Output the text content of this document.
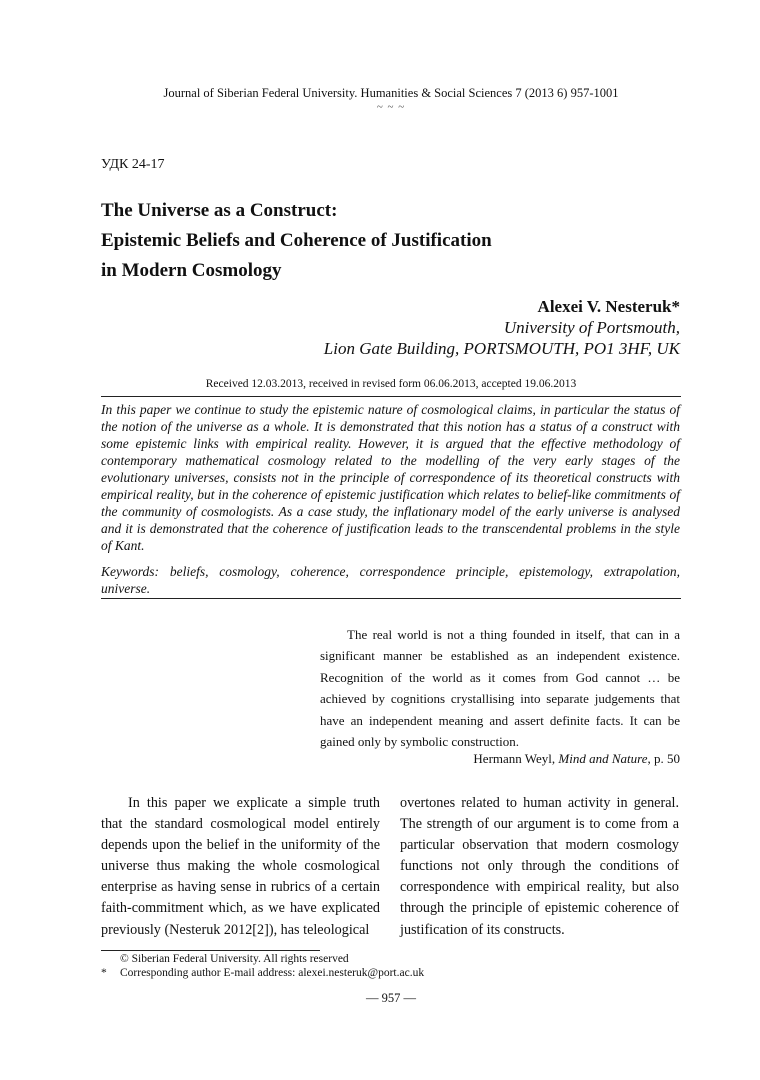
Journal of Siberian Federal University. Humanities & Social Sciences 7 (2013 6) 957-1001
~ ~ ~
УДК 24-17
The Universe as a Construct:
Epistemic Beliefs and Coherence of Justification
in Modern Cosmology
Alexei V. Nesteruk*
University of Portsmouth,
Lion Gate Building, PORTSMOUTH, PO1 3HF, UK
Received 12.03.2013, received in revised form 06.06.2013, accepted 19.06.2013
In this paper we continue to study the epistemic nature of cosmological claims, in particular the status of the notion of the universe as a whole. It is demonstrated that this notion has a status of a construct with some epistemic links with empirical reality. However, it is argued that the effective methodology of contemporary mathematical cosmology related to the modelling of the very early stages of the evolutionary universes, consists not in the principle of correspondence of its theoretical constructs with empirical reality, but in the coherence of epistemic justification which relates to belief-like commitments of the community of cosmologists. As a case study, the inflationary model of the early universe is analysed and it is demonstrated that the coherence of justification leads to the transcendental problems in the style of Kant.
Keywords: beliefs, cosmology, coherence, correspondence principle, epistemology, extrapolation, universe.
The real world is not a thing founded in itself, that can in a significant manner be established as an independent existence. Recognition of the world as it comes from God cannot … be achieved by cognitions crystallising into separate judgements that have an independent meaning and assert definite facts. It can be gained only by symbolic construction.
Hermann Weyl, Mind and Nature, p. 50
In this paper we explicate a simple truth that the standard cosmological model entirely depends upon the belief in the uniformity of the universe thus making the whole cosmological enterprise as having sense in rubrics of a certain faith-commitment which, as we have explicated previously (Nesteruk 2012[2]), has teleological
overtones related to human activity in general. The strength of our argument is to come from a particular observation that modern cosmology functions not only through the conditions of correspondence with empirical reality, but also through the principle of epistemic coherence of justification of its constructs.
© Siberian Federal University. All rights reserved
* Corresponding author E-mail address: alexei.nesteruk@port.ac.uk
— 957 —
